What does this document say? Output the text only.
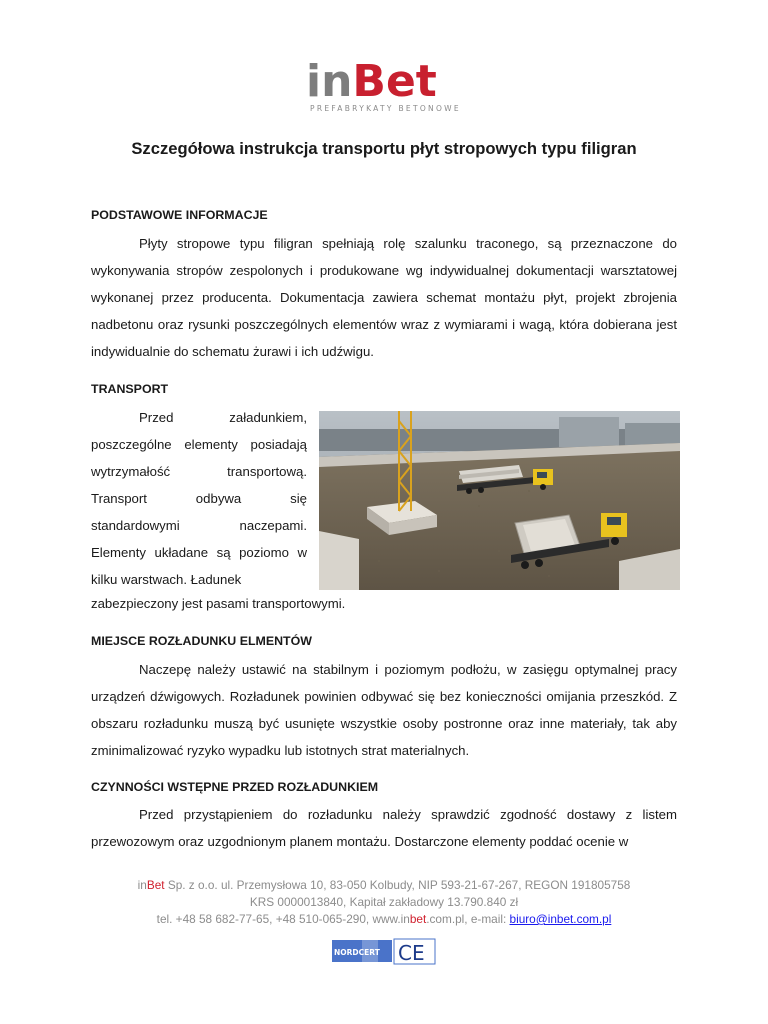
inBet
PREFABRYKATY BETONOWE
Szczegółowa instrukcja transportu płyt stropowych typu filigran
PODSTAWOWE INFORMACJE

Płyty stropowe typu filigran spełniają rolę szalunku traconego, są przeznaczone do wykonywania stropów zespolonych i produkowane wg indywidualnej dokumentacji warsztatowej wykonanej przez producenta. Dokumentacja zawiera schemat montażu płyt, projekt zbrojenia nadbetonu oraz rysunki poszczególnych elementów wraz z wymiarami i wagą, która dobierana jest indywidualnie do schematu żurawi i ich udźwigu.

TRANSPORT

Przed załadunkiem, poszczególne elementy posiadają wytrzymałość transportową. Transport odbywa się standardowymi naczepami. Elementy układane są poziomo w kilku warstwach. Ładunek

zabezpieczony jest pasami transportowymi.
MIEJSCE ROZŁADUNKU ELMENTÓW

Naczepę należy ustawić na stabilnym i poziomym podłożu, w zasięgu optymalnej pracy urządzeń dźwigowych. Rozładunek powinien odbywać się bez konieczności omijania przeszkód. Z obszaru rozładunku muszą być usunięte wszystkie osoby postronne oraz inne materiały, tak aby zminimalizować ryzyko wypadku lub istotnych strat materialnych.

CZYNNOŚCI WSTĘPNE PRZED ROZŁADUNKIEM

Przed przystąpieniem do rozładunku należy sprawdzić zgodność dostawy z listem przewozowym oraz uzgodnionym planem montażu. Dostarczone elementy poddać ocenie w

inBet Sp. z o.o. ul. Przemysłowa 10, 83-050 Kolbudy, NIP 593-21-67-267, REGON 191805758
KRS 0000013840, Kapitał zakładowy 13.790.840 zł
tel. +48 58 682-77-65, +48 510-065-290, www.inbet.com.pl, e-mail: biuro@inbet.com.pl
NORDCERT CE
